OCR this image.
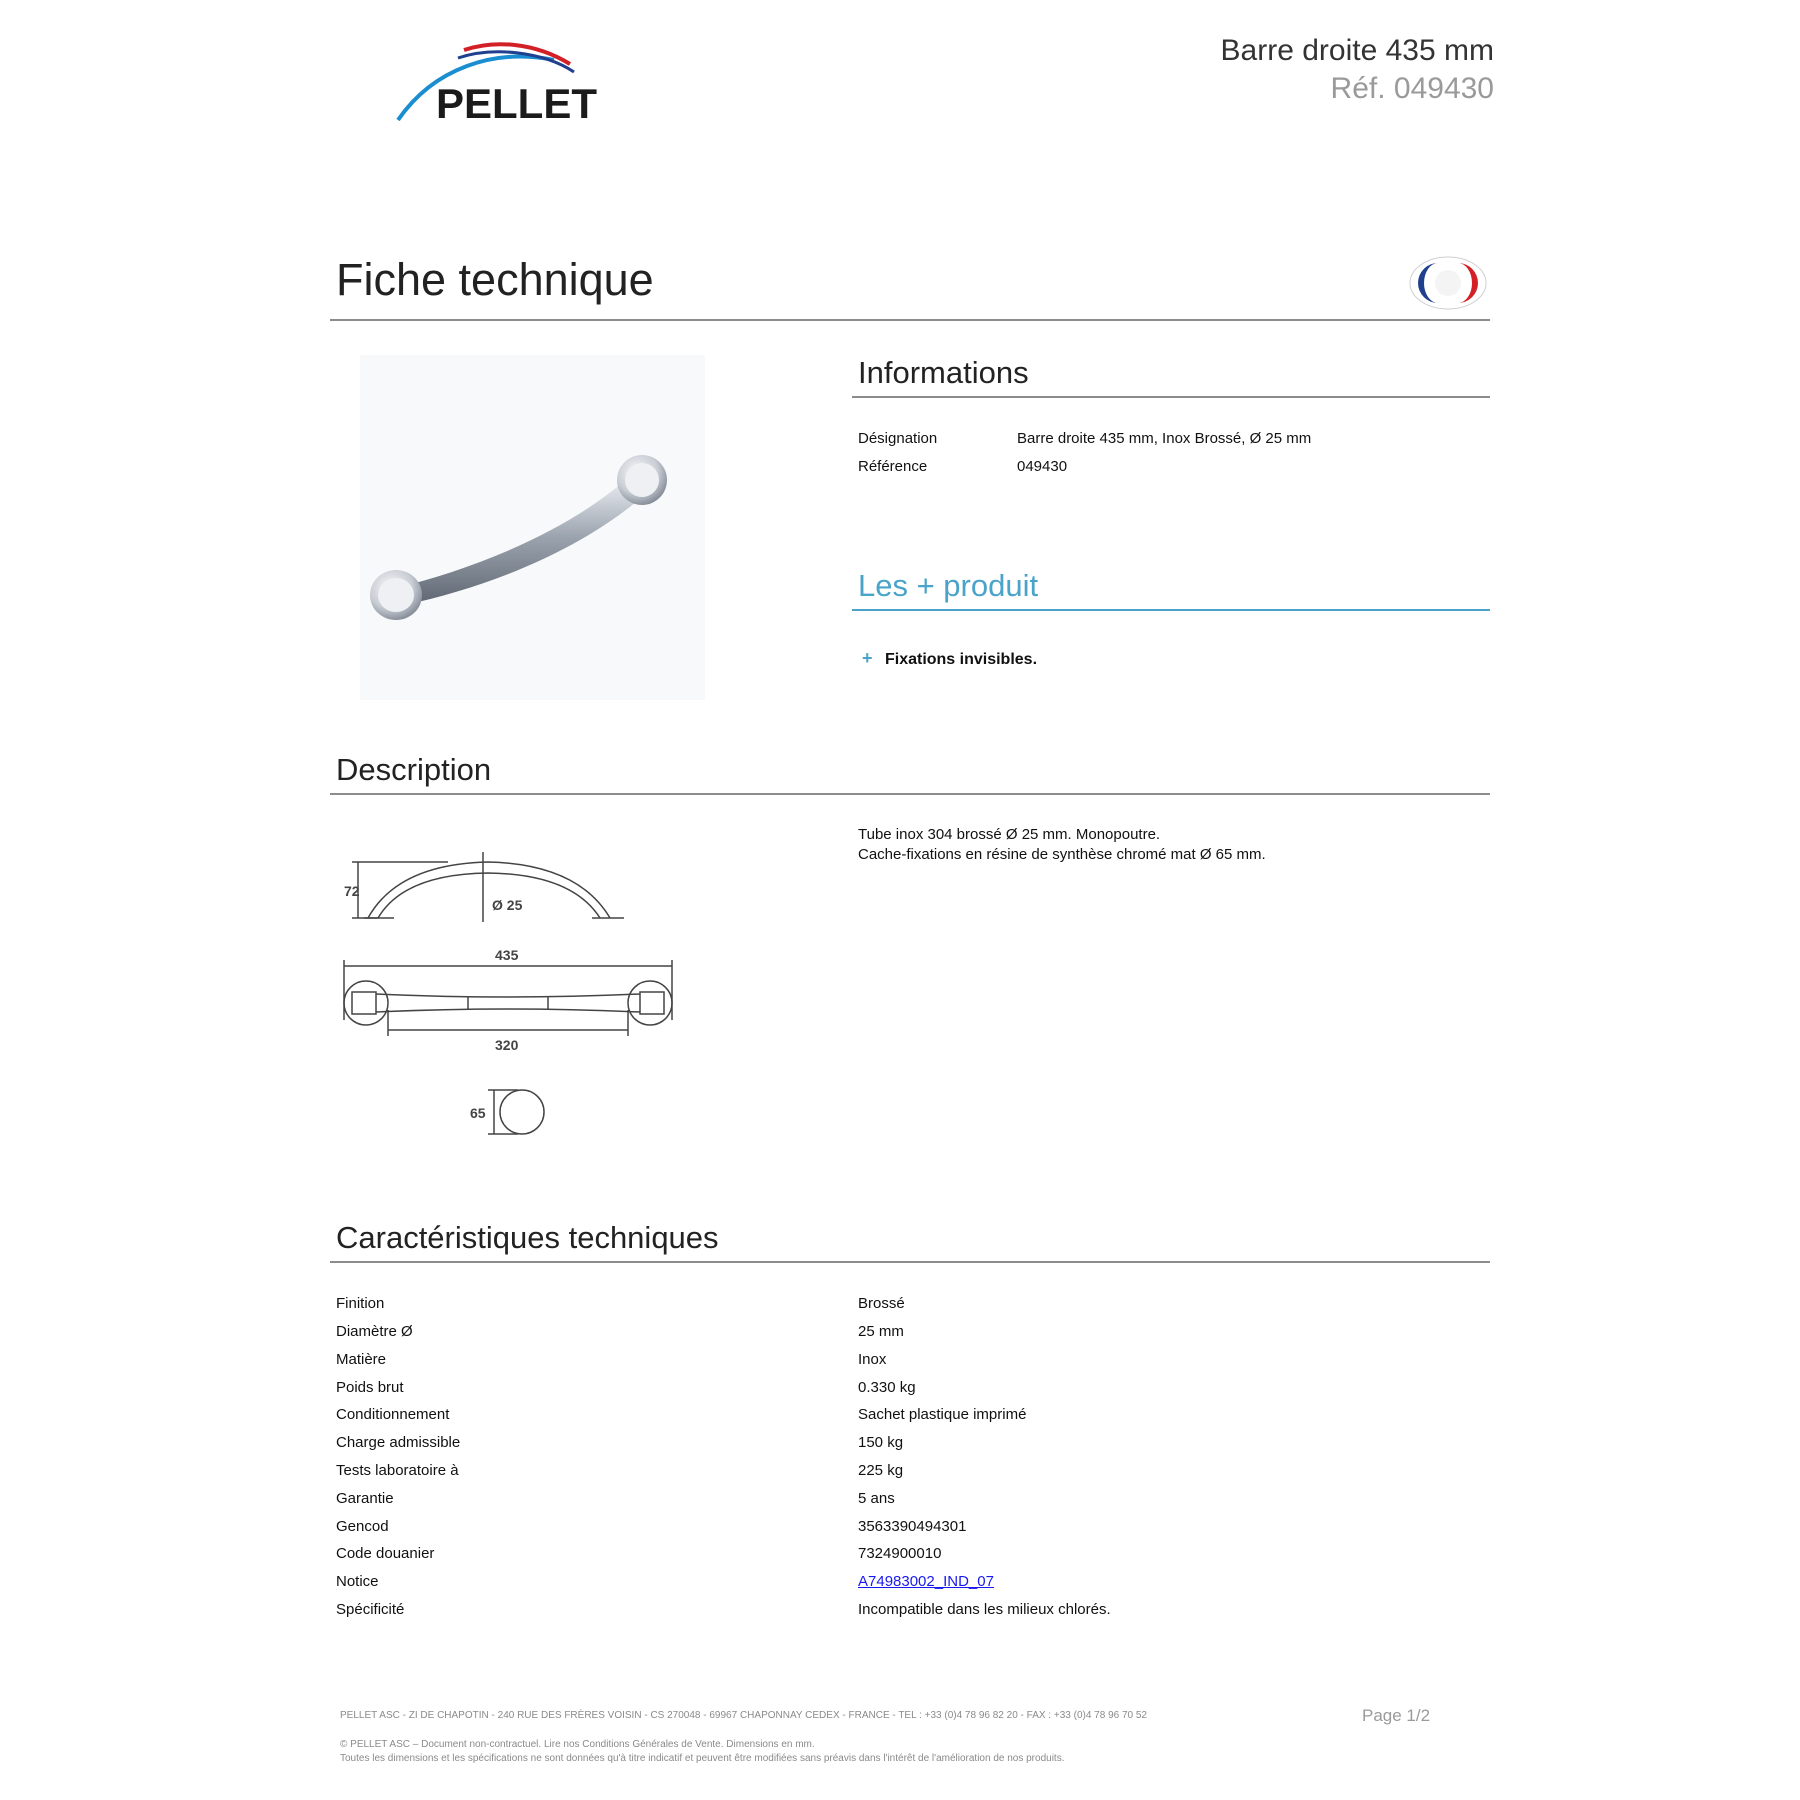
PELLET
Barre droite 435 mm
Réf. 049430
Fiche technique
Informations
Désignation	Barre droite 435 mm, Inox Brossé, Ø 25 mm
Référence	049430
Les + produit
+ Fixations invisibles.
Description
Tube inox 304 brossé Ø 25 mm. Monopoutre.
Cache-fixations en résine de synthèse chromé mat Ø 65 mm.
72
Ø 25
435
320
65
Caractéristiques techniques
Finition	Brossé
Diamètre Ø	25 mm
Matière	Inox
Poids brut	0.330 kg
Conditionnement	Sachet plastique imprimé
Charge admissible	150 kg
Tests laboratoire à	225 kg
Garantie	5 ans
Gencod	3563390494301
Code douanier	7324900010
Notice	A74983002_IND_07
Spécificité	Incompatible dans les milieux chlorés.
PELLET ASC - ZI DE CHAPOTIN - 240 RUE DES FRÈRES VOISIN - CS 270048 - 69967 CHAPONNAY CEDEX - FRANCE - TEL : +33 (0)4 78 96 82 20 - FAX : +33 (0)4 78 96 70 52	Page 1/2
© PELLET ASC – Document non-contractuel. Lire nos Conditions Générales de Vente. Dimensions en mm.
Toutes les dimensions et les spécifications ne sont données qu'à titre indicatif et peuvent être modifiées sans préavis dans l'intérêt de l'amélioration de nos produits.
